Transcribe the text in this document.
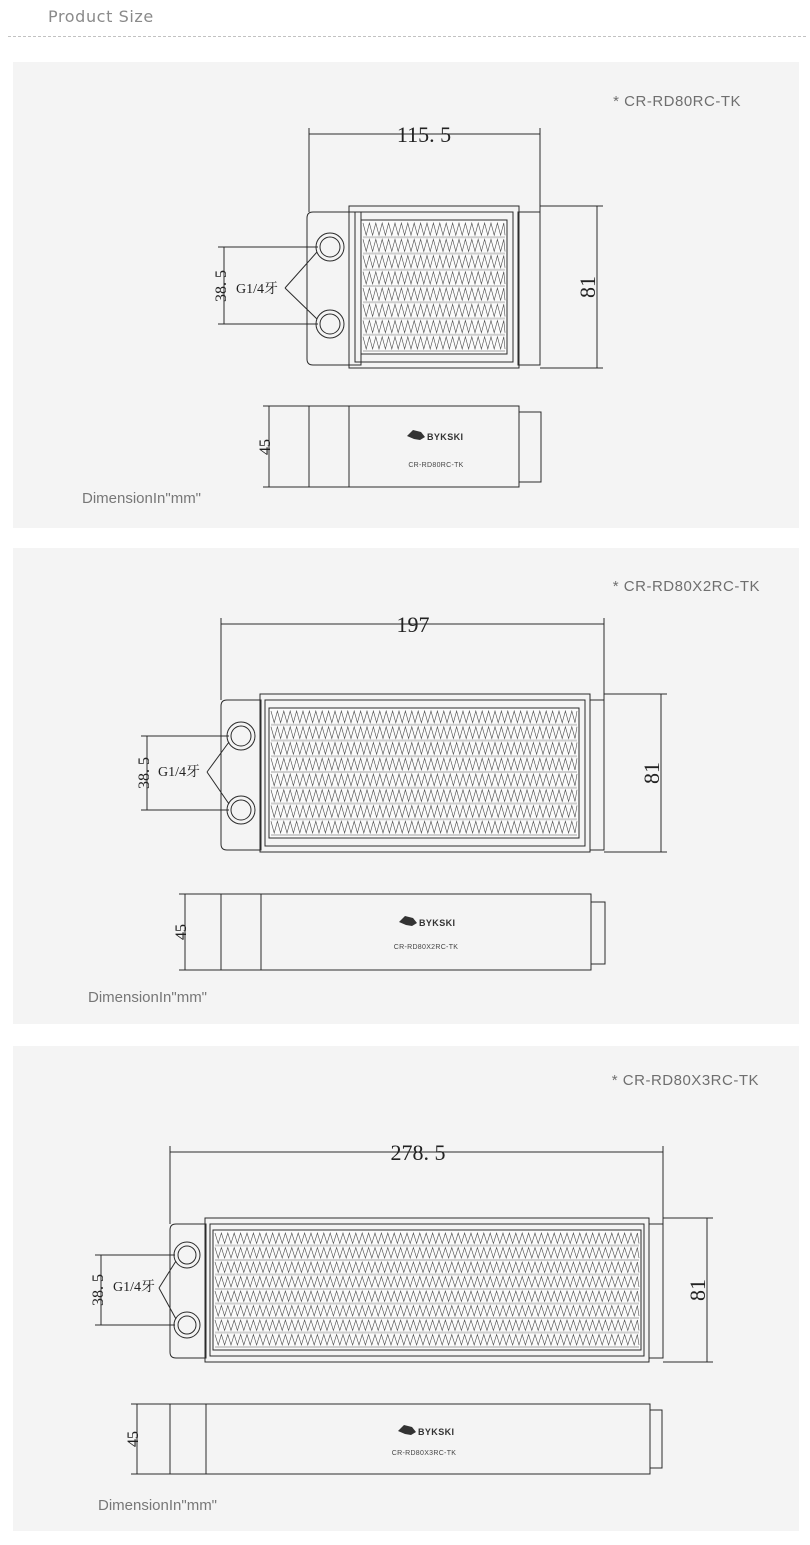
Product Size
115. 5
81
38. 5 G1/4牙
45
BYKSKI
CR-RD80RC-TK
* CR-RD80RC-TK
DimensionIn"mm"
197
81
38. 5 G1/4牙
45
BYKSKI
CR-RD80X2RC-TK
* CR-RD80X2RC-TK
DimensionIn"mm"
278. 5
81
38. 5 G1/4牙
45	BYKSKI
CR-RD80X3RC-TK
* CR-RD80X3RC-TK
DimensionIn"mm"
